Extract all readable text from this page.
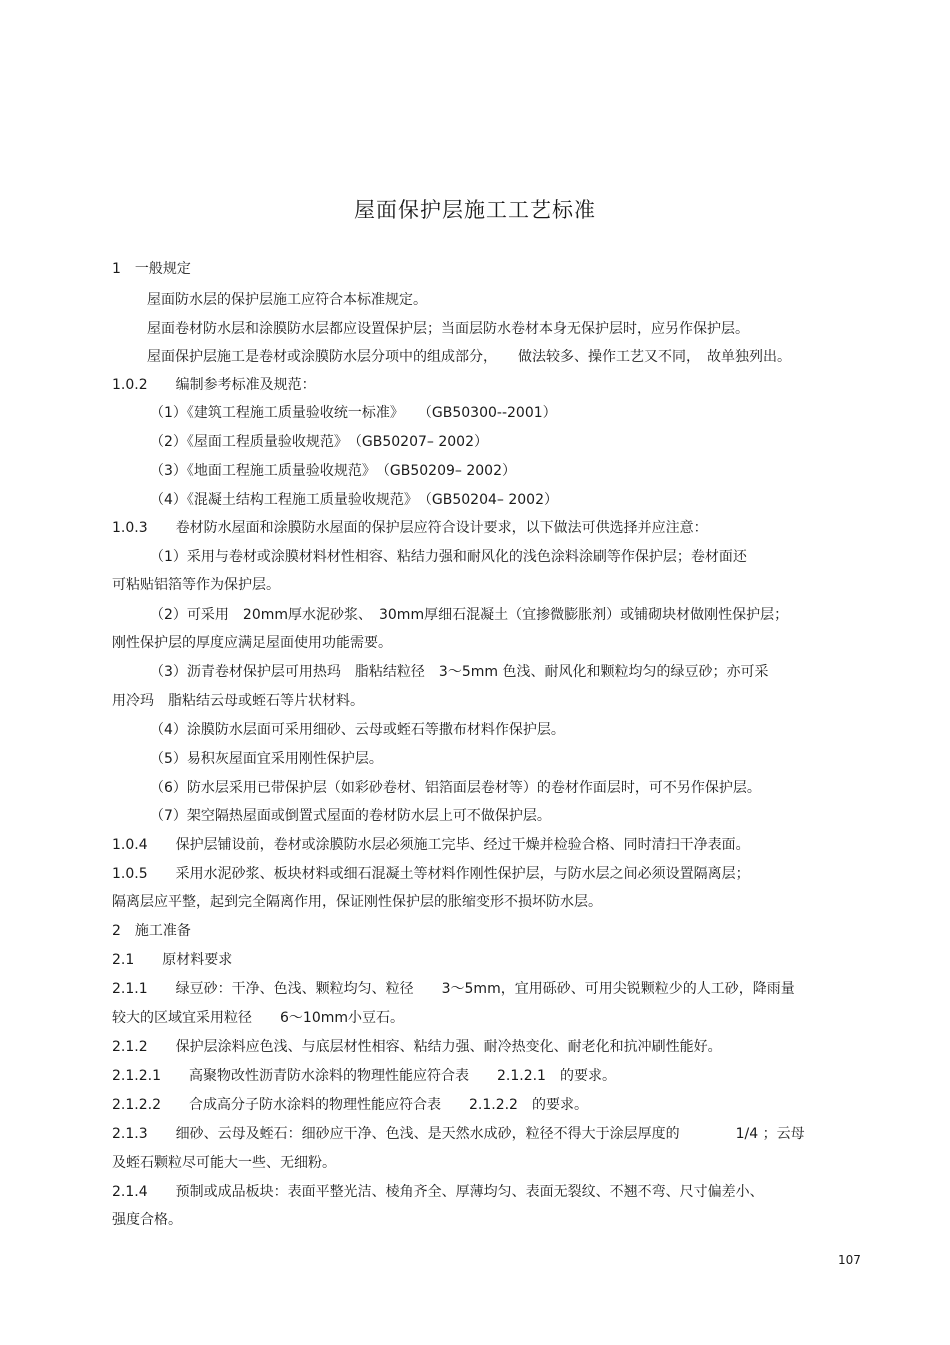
屋面保护层施工工艺标准
1　一般规定
屋面防水层的保护层施工应符合本标准规定。
屋面卷材防水层和涂膜防水层都应设置保护层；当面层防水卷材本身无保护层时，应另作保护层。
屋面保护层施工是卷材或涂膜防水层分项中的组成部分，　　做法较多、操作工艺又不同，　故单独列出。
1.0.2　　编制参考标准及规范：
（1）《建筑工程施工质量验收统一标准》　　（GB50300--2001）
（2）《屋面工程质量验收规范》　（GB50207– 2002）
（3）《地面工程施工质量验收规范》　（GB50209– 2002）
（4）《混凝土结构工程施工质量验收规范》　（GB50204– 2002）
1.0.3　　卷材防水屋面和涂膜防水屋面的保护层应符合设计要求，以下做法可供选择并应注意：
（1）采用与卷材或涂膜材料材性相容、粘结力强和耐风化的浅色涂料涂刷等作保护层；卷材面还
可粘贴铝箔等作为保护层。
（2）可采用　20mm厚水泥砂浆、　30mm厚细石混凝土（宜掺微膨胀剂）或铺砌块材做刚性保护层；
刚性保护层的厚度应满足屋面使用功能需要。
（3）沥青卷材保护层可用热玛　脂粘结粒径　3～5mm 色浅、耐风化和颗粒均匀的绿豆砂；亦可采
用冷玛　脂粘结云母或蛭石等片状材料。
（4）涂膜防水层面可采用细砂、云母或蛭石等撒布材料作保护层。
（5）易积灰屋面宜采用刚性保护层。
（6）防水层采用已带保护层（如彩砂卷材、铝箔面层卷材等）的卷材作面层时，可不另作保护层。
（7）架空隔热屋面或倒置式屋面的卷材防水层上可不做保护层。
1.0.4　　保护层铺设前，卷材或涂膜防水层必须施工完毕、经过干燥并检验合格、同时清扫干净表面。
1.0.5　　采用水泥砂浆、板块材料或细石混凝土等材料作刚性保护层，与防水层之间必须设置隔离层；
隔离层应平整，起到完全隔离作用，保证刚性保护层的胀缩变形不损坏防水层。
2　施工准备
2.1　　原材料要求
2.1.1　　绿豆砂：干净、色浅、颗粒均匀、粒径　　3～5mm，宜用砾砂、可用尖锐颗粒少的人工砂，降雨量
较大的区域宜采用粒径　　6～10mm小豆石。
2.1.2　　保护层涂料应色浅、与底层材性相容、粘结力强、耐冷热变化、耐老化和抗冲刷性能好。
2.1.2.1　　高聚物改性沥青防水涂料的物理性能应符合表　　2.1.2.1　的要求。
2.1.2.2　　合成高分子防水涂料的物理性能应符合表　　2.1.2.2　的要求。
2.1.3　　细砂、云母及蛭石：细砂应干净、色浅、是天然水成砂，粒径不得大于涂层厚度的　　　　1/4 ；云母
及蛭石颗粒尽可能大一些、无细粉。
2.1.4　　预制或成品板块：表面平整光洁、棱角齐全、厚薄均匀、表面无裂纹、不翘不弯、尺寸偏差小、
强度合格。
107
